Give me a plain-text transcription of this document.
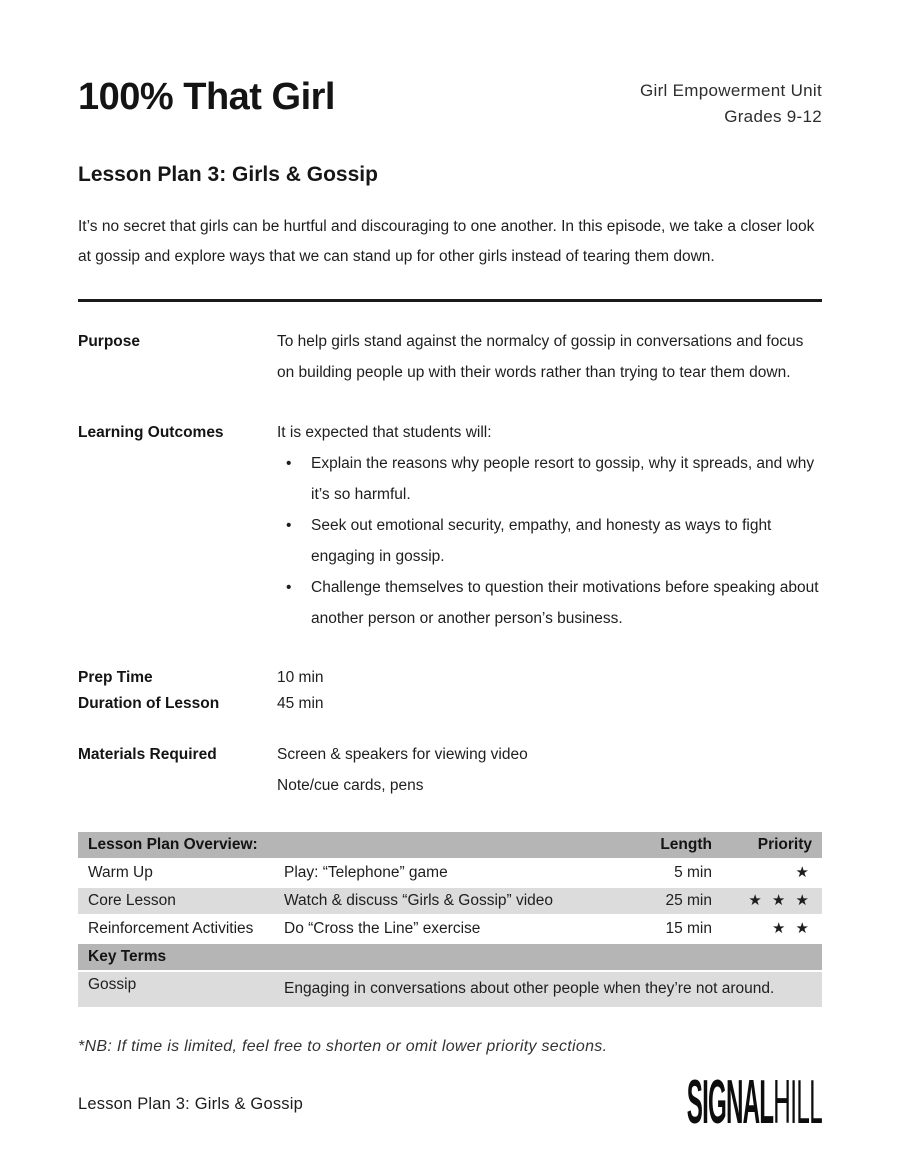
100% That Girl	Girl Empowerment Unit
Grades 9-12
Lesson Plan 3: Girls & Gossip

It’s no secret that girls can be hurtful and discouraging to one another. In this episode, we take a closer look at gossip and explore ways that we can stand up for other girls instead of tearing them down.

Purpose	To help girls stand against the normalcy of gossip in conversations and focus on building people up with their words rather than trying to tear them down.
Learning Outcomes	It is expected that students will:
• Explain the reasons why people resort to gossip, why it spreads, and why it’s so harmful.
• Seek out emotional security, empathy, and honesty as ways to fight engaging in gossip.
• Challenge themselves to question their motivations before speaking about another person or another person’s business.
Prep Time	10 min
Duration of Lesson	45 min
Materials Required	Screen & speakers for viewing video
Note/cue cards, pens
Lesson Plan Overview:		Length	Priority
Warm Up	Play: “Telephone” game	5 min	★
Core Lesson	Watch & discuss “Girls & Gossip” video	25 min	★ ★ ★
Reinforcement Activities	Do “Cross the Line” exercise	15 min	★ ★
Key Terms			
Gossip	Engaging in conversations about other people when they’re not around.		

*NB: If time is limited, feel free to shorten or omit lower priority sections.

Lesson Plan 3: Girls & Gossip	SIGNALHILL
